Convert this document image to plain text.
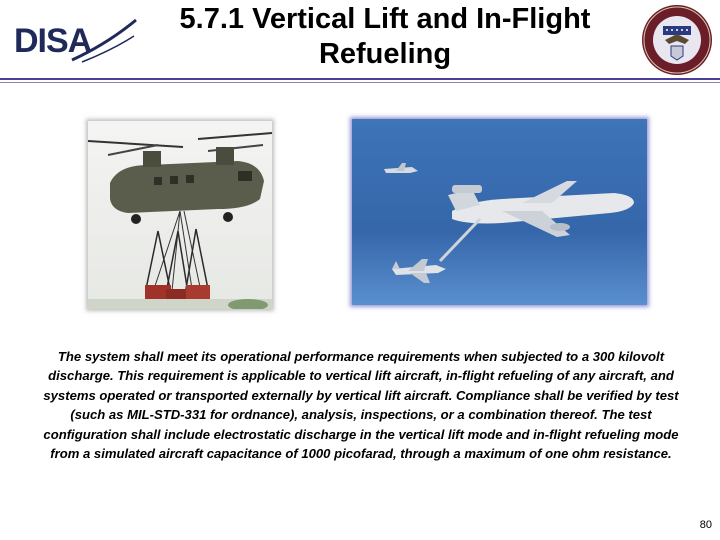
DISA
5.7.1 Vertical Lift and In-Flight Refueling
The system shall meet its operational performance requirements when subjected to a 300 kilovolt discharge. This requirement is applicable to vertical lift aircraft, in-flight refueling of any aircraft, and systems operated or transported externally by vertical lift aircraft. Compliance shall be verified by test (such as MIL-STD-331 for ordnance), analysis, inspections, or a combination thereof. The test configuration shall include electrostatic discharge in the vertical lift mode and in-flight refueling mode from a simulated aircraft capacitance of 1000 picofarad, through a maximum of one ohm resistance.
80
